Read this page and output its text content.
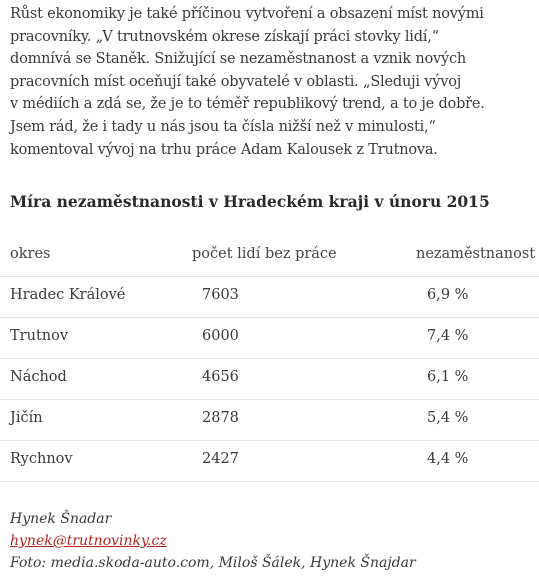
Růst ekonomiky je také příčinou vytvoření a obsazení míst novými
pracovníky. „V trutnovském okrese získají práci stovky lidí,“
domnívá se Staněk. Snižující se nezaměstnanost a vznik nových
pracovních míst oceňují také obyvatelé v oblasti. „Sleduji vývoj
v médiích a zdá se, že je to téměř republikový trend, a to je dobře.
Jsem rád, že i tady u nás jsou ta čísla nižší než v minulosti,“
komentoval vývoj na trhu práce Adam Kalousek z Trutnova.

Míra nezaměstnanosti v Hradeckém kraji v únoru 2015
okres	počet lidí bez práce	nezaměstnanost
Hradec Králové	7603	6,9 %
Trutnov	6000	7,4 %
Náchod	4656	6,1 %
Jičín	2878	5,4 %
Rychnov	2427	4,4 %
Hynek Šnadar
hynek@trutnovinky.cz
Foto: media.skoda-auto.com, Miloš Šálek, Hynek Šnajdar
